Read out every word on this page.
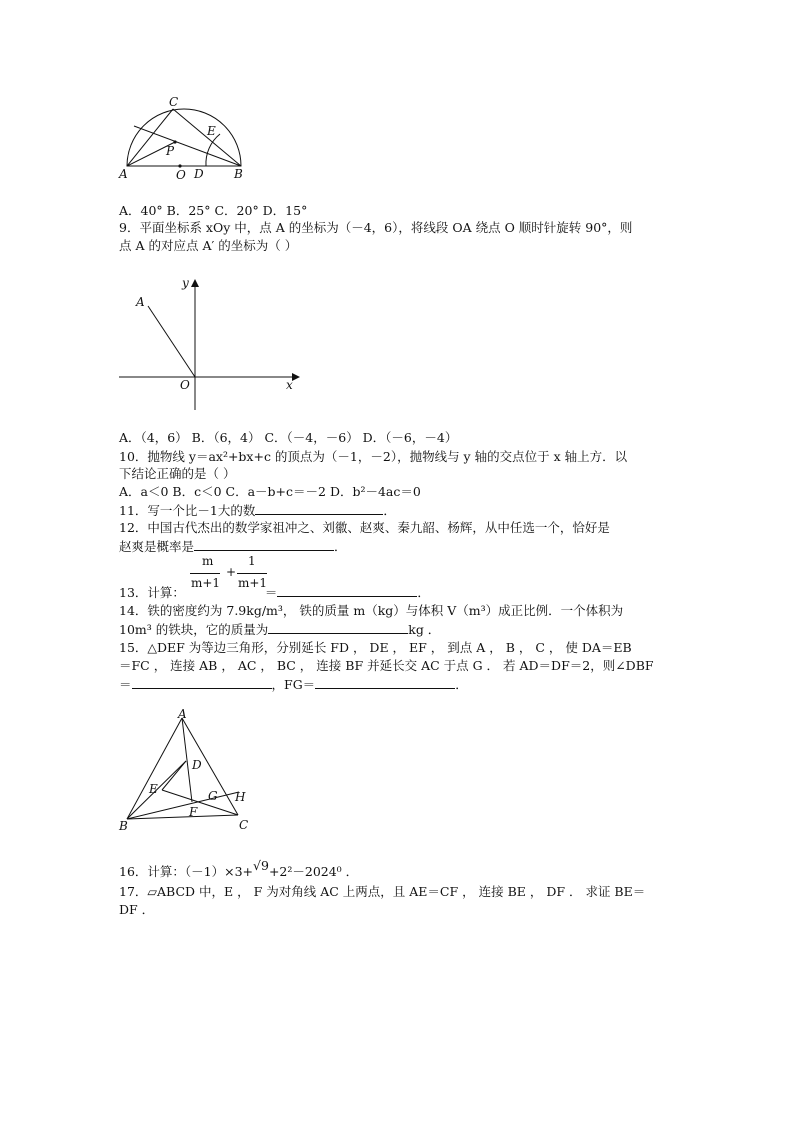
C
E
P
A	O D	B
A．40° B．25° C．20° D．15°
9．平面坐标系 xOy 中，点 A 的坐标为（－4，6），将线段 OA 绕点 O 顺时针旋转 90°，则
点 A 的对应点 A′ 的坐标为（ ）
A
O	x
y
A．（4，6） B．（6，4） C．（－4，－6） D．（－6，－4）
10．抛物线 y＝ax²+bx+c 的顶点为（－1，－2），抛物线与 y 轴的交点位于 x 轴上方．以
下结论正确的是（ ）
A．a＜0 B．c＜0 C．a－b+c＝－2 D．b²－4ac＝0
11．写一个比－1大的数	．
12．中国古代杰出的数学家祖冲之、刘徽、赵爽、秦九韶、杨辉，从中任选一个，恰好是
赵爽是概率是	．
m
m+1
+
1
m+1
13．计算：	＝	．
14．铁的密度约为 7.9kg/m³， 铁的质量 m（kg）与体积 V（m³）成正比例．一个体积为
10m³ 的铁块，它的质量为	kg ．
15．△DEF 为等边三角形，分别延长 FD ， DE ， EF ， 到点 A ， B ， C ， 使 DA＝EB
＝FC ， 连接 AB ， AC ， BC ， 连接 BF 并延长交 AC 于点 G ． 若 AD＝DF＝2，则∠DBF
＝	，FG＝	．
A
D
E	G H
F
B	C
16．计算：（－1）×3+√9+2²－2024⁰ ．
17．▱ABCD 中，E ， F 为对角线 AC 上两点，且 AE＝CF ， 连接 BE ， DF ． 求证 BE＝
DF ．
